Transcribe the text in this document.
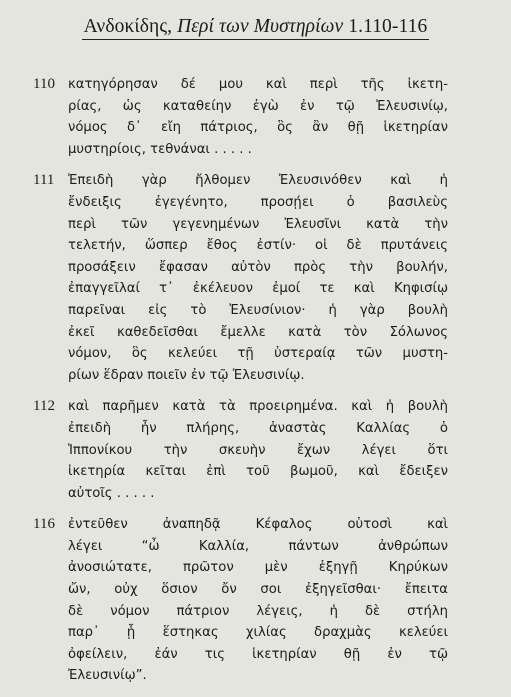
Ανδοκίδης, Περί των Μυστηρίων 1.110-116
110 κατηγόρησαν δέ μου καὶ περὶ τῆς ἱκετη-
ρίας, ὡς καταθείην ἐγὼ ἐν τῷ Ἐλευσινίῳ,
νόμος δ᾽ εἴη πάτριος, ὃς ἂν θῇ ἱκετηρίαν
μυστηρίοις, τεθνάναι . . . . .
111 Ἐπειδὴ γὰρ ἤλθομεν Ἐλευσινόθεν καὶ ἡ
ἔνδειξις ἐγεγένητο, προσῄει ὁ βασιλεὺς
περὶ τῶν γεγενημένων Ἐλευσῖνι κατὰ τὴν
τελετήν, ὥσπερ ἔθος ἐστίν· οἱ δὲ πρυτάνεις
προσάξειν ἔφασαν αὐτὸν πρὸς τὴν βουλήν,
ἐπαγγεῖλαί τ᾽ ἐκέλευον ἐμοί τε καὶ Κηφισίῳ
παρεῖναι εἰς τὸ Ἐλευσίνιον· ἡ γὰρ βουλὴ
ἐκεῖ καθεδεῖσθαι ἔμελλε κατὰ τὸν Σόλωνος
νόμον, ὃς κελεύει τῇ ὑστεραίᾳ τῶν μυστη-
ρίων ἕδραν ποιεῖν ἐν τῷ Ἐλευσινίῳ.
112 καὶ παρῆμεν κατὰ τὰ προειρημένα. καὶ ἡ βουλὴ
ἐπειδὴ ἦν πλήρης, ἀναστὰς Καλλίας ὁ
Ἱππονίκου τὴν σκευὴν ἔχων λέγει ὅτι
ἱκετηρία κεῖται ἐπὶ τοῦ βωμοῦ, καὶ ἔδειξεν
αὐτοῖς . . . . .
116 ἐντεῦθεν ἀναπηδᾷ Κέφαλος οὑτοσὶ καὶ
λέγει “ὦ Καλλία, πάντων ἀνθρώπων
ἀνοσιώτατε, πρῶτον μὲν ἐξηγῇ Κηρύκων
ὤν, οὐχ ὅσιον ὄν σοι ἐξηγεῖσθαι· ἔπειτα
δὲ νόμον πάτριον λέγεις, ἡ δὲ στήλη
παρ᾽ ᾗ ἕστηκας χιλίας δραχμὰς κελεύει
ὀφείλειν, ἐάν τις ἱκετηρίαν θῇ ἐν τῷ
Ἐλευσινίῳ”.
